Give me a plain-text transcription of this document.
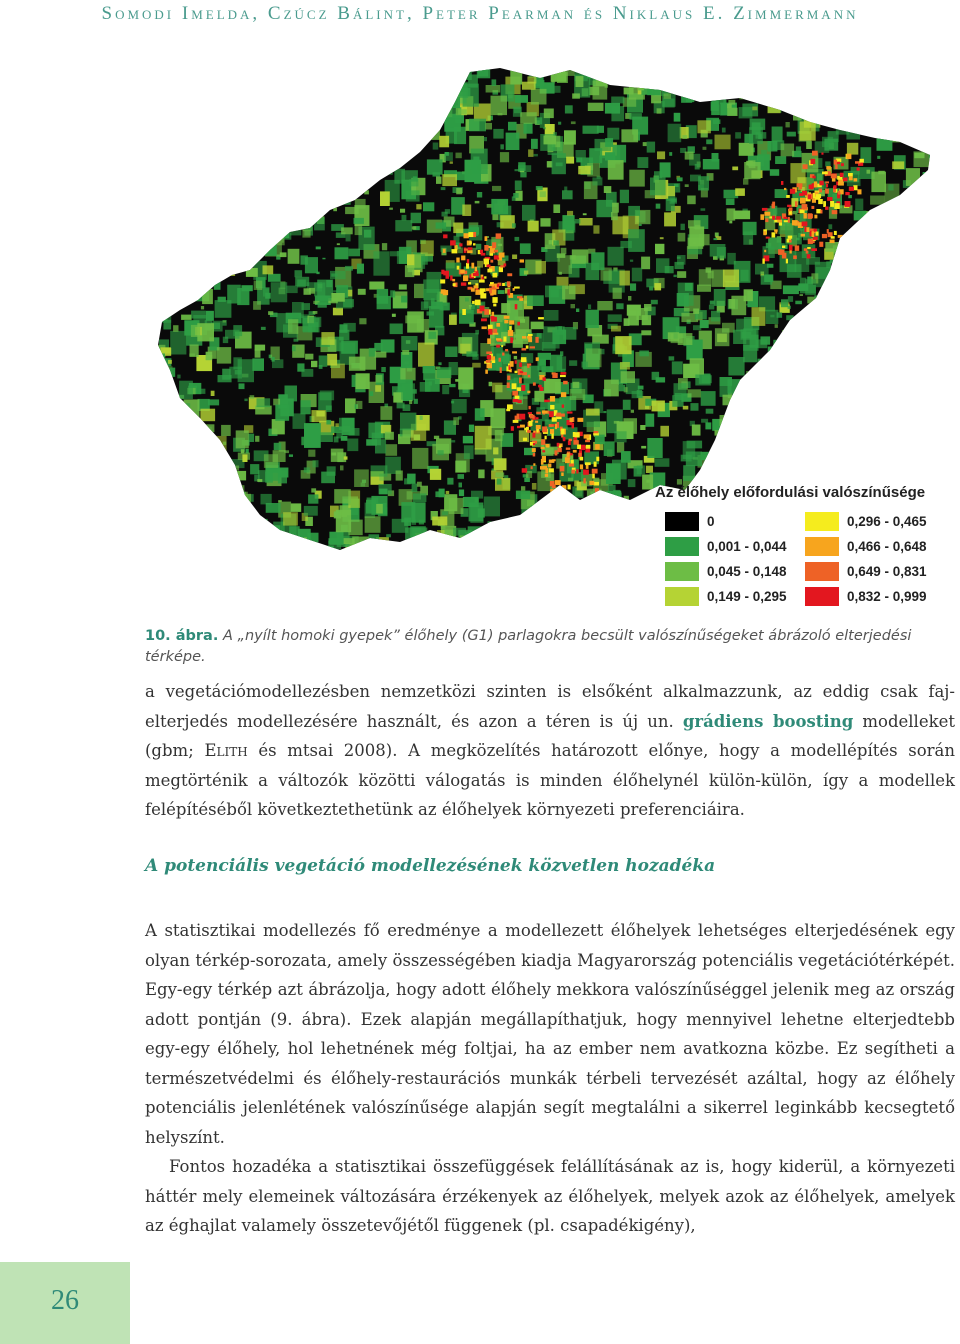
Somodi Imelda, Czúcz Bálint, Peter Pearman és Niklaus E. Zimmermann
Az élőhely előfordulási valószínűsége
0	0,296 - 0,465
0,001 - 0,044	0,466 - 0,648
0,045 - 0,148	0,649 - 0,831
0,149 - 0,295	0,832 - 0,999
10. ábra. A „nyílt homoki gyepek” élőhely (G1) parlagokra becsült valószínűségeket ábrázoló elterjedési térképe.

a vegetációmodellezésben nemzetközi szinten is elsőként alkalmazzunk, az eddig csak faj-elterjedés modellezésére használt, és azon a téren is új un. grádiens boosting modelleket (gbm; Elith és mtsai 2008). A megközelítés határozott előnye, hogy a modellépítés során megtörténik a változók közötti válogatás is minden élőhelynél külön-külön, így a modellek felépítéséből következtethetünk az élőhelyek környezeti preferenciáira.

A potenciális vegetáció modellezésének közvetlen hozadéka

A statisztikai modellezés fő eredménye a modellezett élőhelyek lehetséges elterjedésének egy olyan térkép-sorozata, amely összességében kiadja Magyarország potenciális vegetációtérképét. Egy-egy térkép azt ábrázolja, hogy adott élőhely mekkora valószínűséggel jelenik meg az ország adott pontján (9. ábra). Ezek alapján megállapíthatjuk, hogy mennyivel lehetne elterjedtebb egy-egy élőhely, hol lehetnének még foltjai, ha az ember nem avatkozna közbe. Ez segítheti a természetvédelmi és élőhely-restaurációs munkák térbeli tervezését azáltal, hogy az élőhely potenciális jelenlétének valószínűsége alapján segít megtalálni a sikerrel leginkább kecsegtető helyszínt.

Fontos hozadéka a statisztikai összefüggések felállításának az is, hogy kiderül, a környezeti háttér mely elemeinek változására érzékenyek az élőhelyek, melyek azok az élőhelyek, amelyek az éghajlat valamely összetevőjétől függenek (pl. csapadékigény),

26
